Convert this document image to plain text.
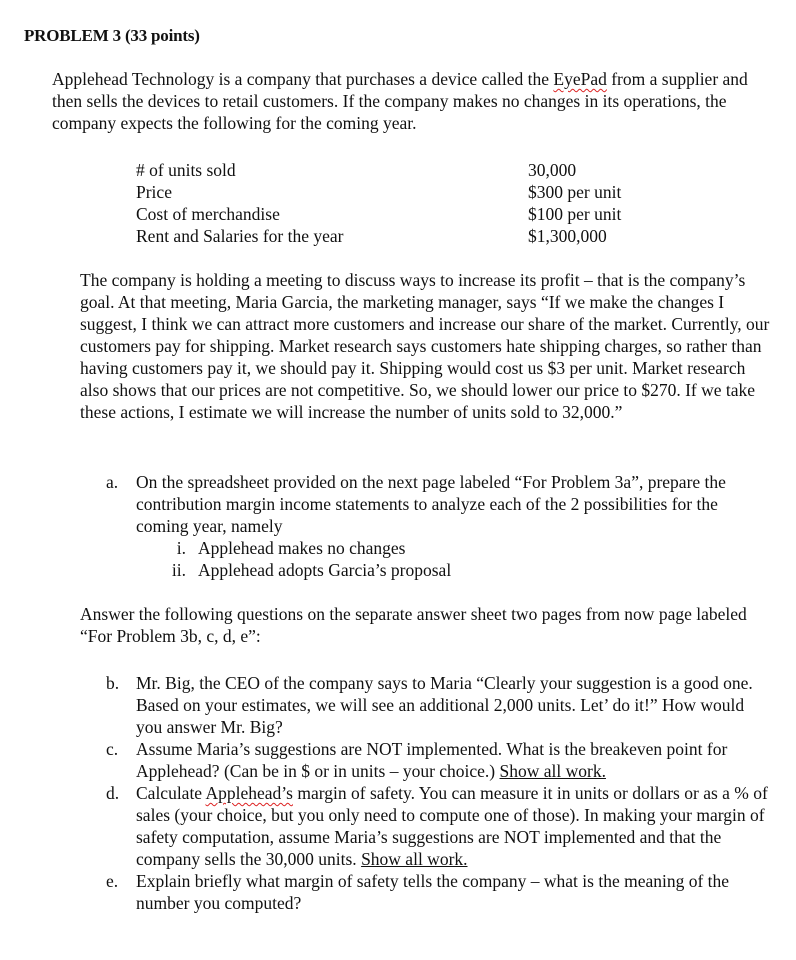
PROBLEM 3 (33 points)

Applehead Technology is a company that purchases a device called the EyePad from a supplier and then sells the devices to retail customers. If the company makes no changes in its operations, the company expects the following for the coming year.

# of units sold	30,000
Price	$300 per unit
Cost of merchandise	$100 per unit
Rent and Salaries for the year	$1,300,000

The company is holding a meeting to discuss ways to increase its profit – that is the company’s goal. At that meeting, Maria Garcia, the marketing manager, says “If we make the changes I suggest, I think we can attract more customers and increase our share of the market. Currently, our customers pay for shipping. Market research says customers hate shipping charges, so rather than having customers pay it, we should pay it. Shipping would cost us $3 per unit. Market research also shows that our prices are not competitive. So, we should lower our price to $270. If we take these actions, I estimate we will increase the number of units sold to 32,000.”

a.	On the spreadsheet provided on the next page labeled “For Problem 3a”, prepare the contribution margin income statements to analyze each of the 2 possibilities for the coming year, namely
i. Applehead makes no changes
ii. Applehead adopts Garcia’s proposal

Answer the following questions on the separate answer sheet two pages from now page labeled “For Problem 3b, c, d, e”:

b. Mr. Big, the CEO of the company says to Maria “Clearly your suggestion is a good one. Based on your estimates, we will see an additional 2,000 units. Let’ do it!” How would you answer Mr. Big?
c.	Assume Maria’s suggestions are NOT implemented. What is the breakeven point for Applehead? (Can be in $ or in units – your choice.) Show all work.
d. Calculate Applehead’s margin of safety. You can measure it in units or dollars or as a % of sales (your choice, but you only need to compute one of those). In making your margin of safety computation, assume Maria’s suggestions are NOT implemented and that the company sells the 30,000 units. Show all work.
e.	Explain briefly what margin of safety tells the company – what is the meaning of the number you computed?
